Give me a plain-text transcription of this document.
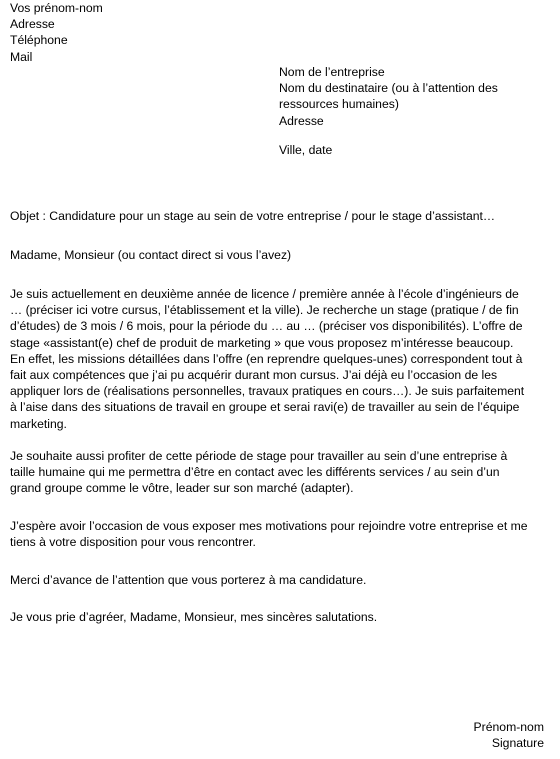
Vos prénom-nom
Adresse
Téléphone
Mail
Nom de l’entreprise
Nom du destinataire (ou à l’attention des ressources humaines)
Adresse
Ville, date
Objet : Candidature pour un stage au sein de votre entreprise / pour le stage d’assistant…
Madame, Monsieur (ou contact direct si vous l’avez)
Je suis actuellement en deuxième année de licence / première année à l’école d’ingénieurs de … (préciser ici votre cursus, l’établissement et la ville). Je recherche un stage (pratique / de fin d’études) de 3 mois / 6 mois, pour la période du … au … (préciser vos disponibilités). L’offre de stage «assistant(e) chef de produit de marketing » que vous proposez m’intéresse beaucoup. En effet, les missions détaillées dans l’offre (en reprendre quelques-unes) correspondent tout à fait aux compétences que j’ai pu acquérir durant mon cursus. J’ai déjà eu l’occasion de les appliquer lors de (réalisations personnelles, travaux pratiques en cours…). Je suis parfaitement à l’aise dans des situations de travail en groupe et serai ravi(e) de travailler au sein de l’équipe marketing.
Je souhaite aussi profiter de cette période de stage pour travailler au sein d’une entreprise à taille humaine qui me permettra d’être en contact avec les différents services / au sein d’un grand groupe comme le vôtre, leader sur son marché (adapter).
J’espère avoir l’occasion de vous exposer mes motivations pour rejoindre votre entreprise et me tiens à votre disposition pour vous rencontrer.
Merci d’avance de l’attention que vous porterez à ma candidature.
Je vous prie d’agréer, Madame, Monsieur, mes sincères salutations.
Prénom-nom
Signature
